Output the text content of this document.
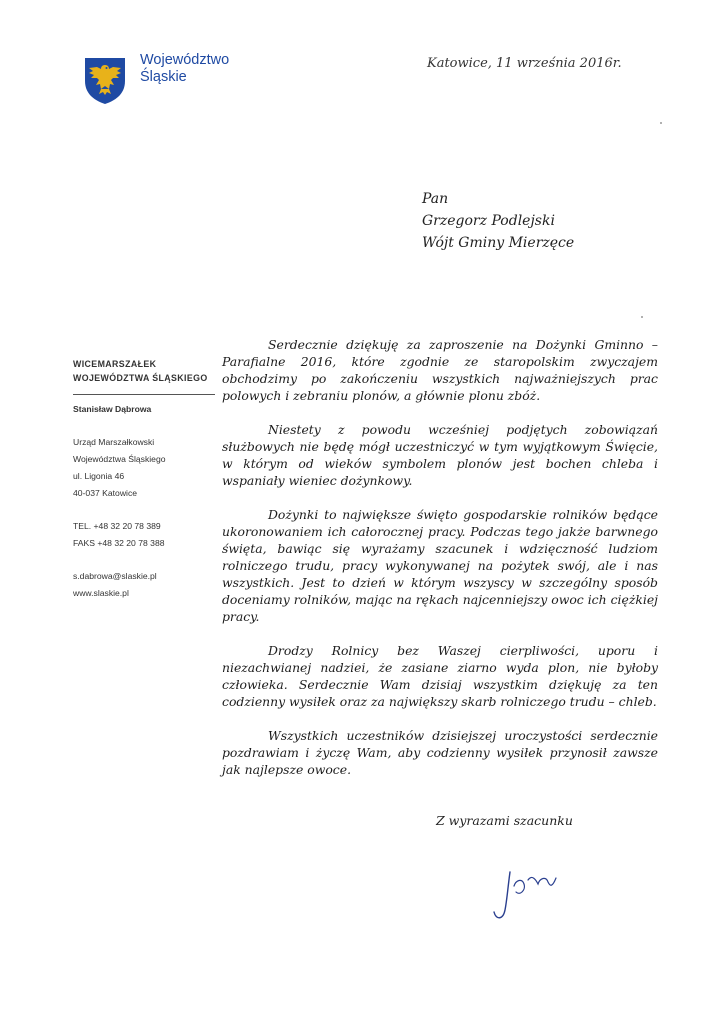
Województwo
Śląskie
Katowice, 11 września 2016r.
Pan
Grzegorz Podlejski
Wójt Gminy Mierzęce
WICEMARSZAŁEK
WOJEWÓDZTWA ŚLĄSKIEGO
Stanisław Dąbrowa
Urząd Marszałkowski
Województwa Śląskiego
ul. Ligonia 46
40-037 Katowice
TEL. +48 32 20 78 389
FAKS +48 32 20 78 388
s.dabrowa@slaskie.pl
www.slaskie.pl

Serdecznie dziękuję za zaproszenie na Dożynki Gminno – Parafialne 2016, które zgodnie ze staropolskim zwyczajem obchodzimy po zakończeniu wszystkich najważniejszych prac polowych i zebraniu plonów, a głównie plonu zbóż.

Niestety z powodu wcześniej podjętych zobowiązań służbowych nie będę mógł uczestniczyć w tym wyjątkowym Święcie, w którym od wieków symbolem plonów jest bochen chleba i wspaniały wieniec dożynkowy.

Dożynki to największe święto gospodarskie rolników będące ukoronowaniem ich całorocznej pracy. Podczas tego jakże barwnego święta, bawiąc się wyrażamy szacunek i wdzięczność ludziom rolniczego trudu, pracy wykonywanej na pożytek swój, ale i nas wszystkich. Jest to dzień w którym wszyscy w szczególny sposób doceniamy rolników, mając na rękach najcenniejszy owoc ich ciężkiej pracy.

Drodzy Rolnicy bez Waszej cierpliwości, uporu i niezachwianej nadziei, że zasiane ziarno wyda plon, nie byłoby człowieka. Serdecznie Wam dzisiaj wszystkim dziękuję za ten codzienny wysiłek oraz za największy skarb rolniczego trudu – chleb.

Wszystkich uczestników dzisiejszej uroczystości serdecznie pozdrawiam i życzę Wam, aby codzienny wysiłek przynosił zawsze jak najlepsze owoce.

Z wyrazami szacunku
